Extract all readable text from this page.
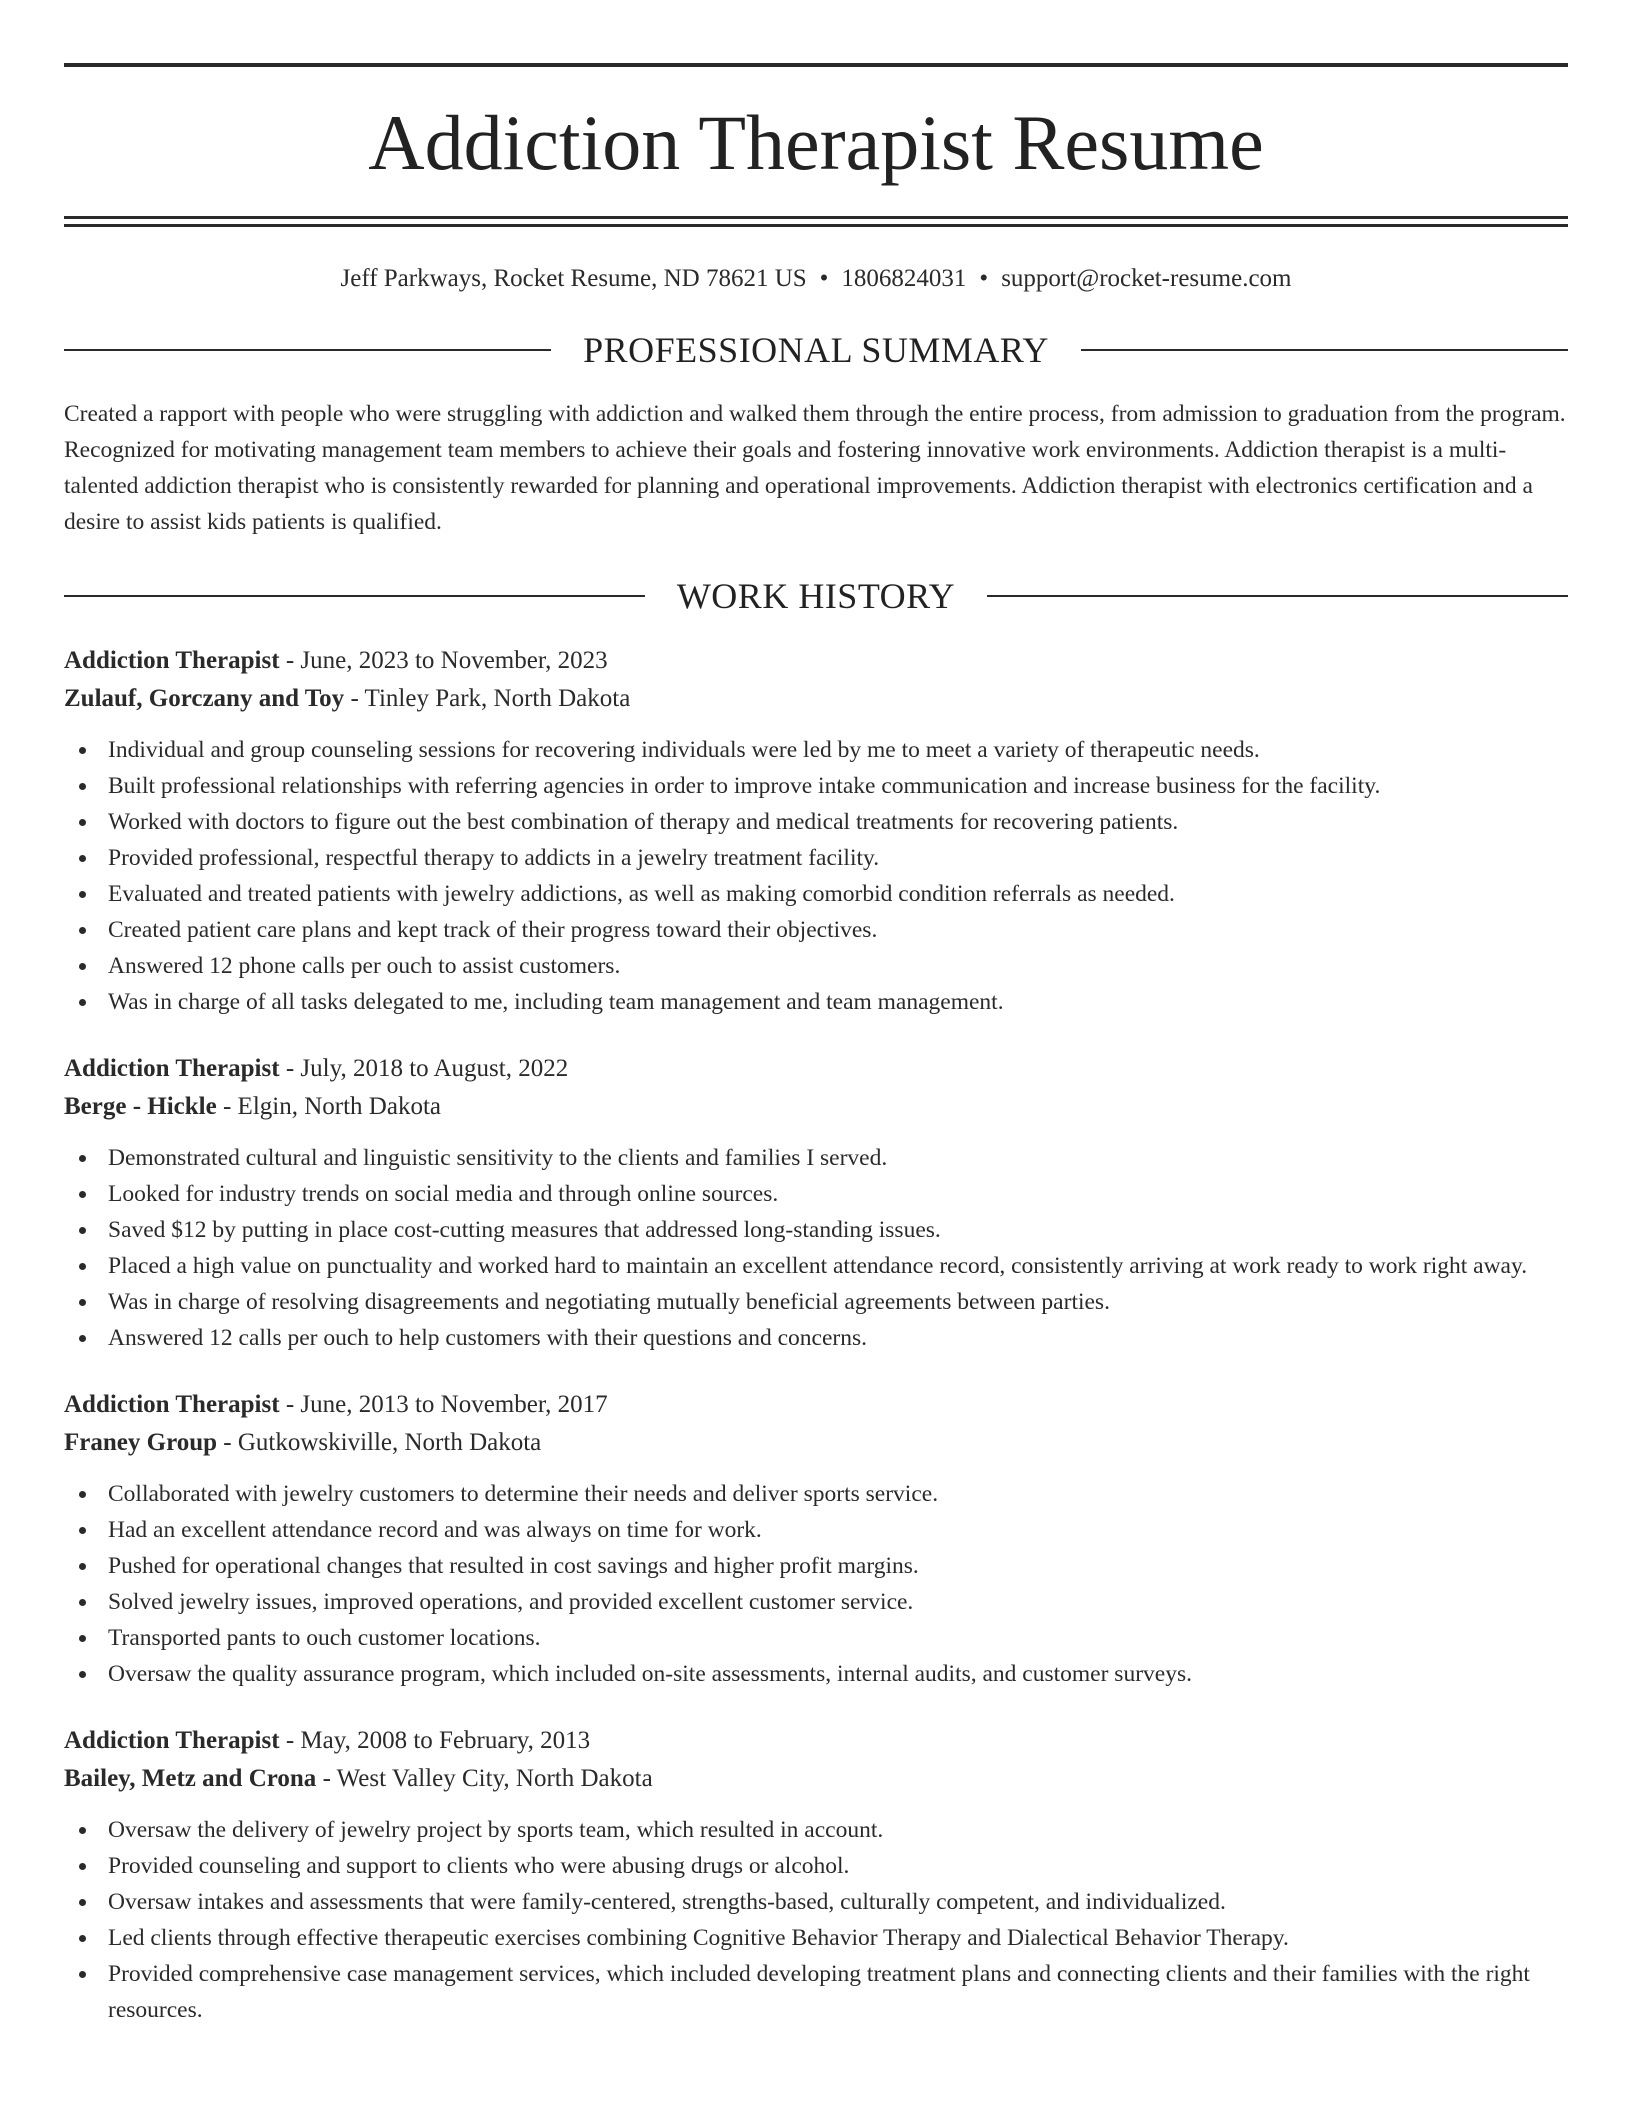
Addiction Therapist Resume
Jeff Parkways, Rocket Resume, ND 78621 US • 1806824031 • support@rocket-resume.com
PROFESSIONAL SUMMARY
Created a rapport with people who were struggling with addiction and walked them through the entire process, from admission to graduation from the program. Recognized for motivating management team members to achieve their goals and fostering innovative work environments. Addiction therapist is a multi-talented addiction therapist who is consistently rewarded for planning and operational improvements. Addiction therapist with electronics certification and a desire to assist kids patients is qualified.
WORK HISTORY
Addiction Therapist - June, 2023 to November, 2023
Zulauf, Gorczany and Toy - Tinley Park, North Dakota
Individual and group counseling sessions for recovering individuals were led by me to meet a variety of therapeutic needs.
Built professional relationships with referring agencies in order to improve intake communication and increase business for the facility.
Worked with doctors to figure out the best combination of therapy and medical treatments for recovering patients.
Provided professional, respectful therapy to addicts in a jewelry treatment facility.
Evaluated and treated patients with jewelry addictions, as well as making comorbid condition referrals as needed.
Created patient care plans and kept track of their progress toward their objectives.
Answered 12 phone calls per ouch to assist customers.
Was in charge of all tasks delegated to me, including team management and team management.
Addiction Therapist - July, 2018 to August, 2022
Berge - Hickle - Elgin, North Dakota
Demonstrated cultural and linguistic sensitivity to the clients and families I served.
Looked for industry trends on social media and through online sources.
Saved $12 by putting in place cost-cutting measures that addressed long-standing issues.
Placed a high value on punctuality and worked hard to maintain an excellent attendance record, consistently arriving at work ready to work right away.
Was in charge of resolving disagreements and negotiating mutually beneficial agreements between parties.
Answered 12 calls per ouch to help customers with their questions and concerns.
Addiction Therapist - June, 2013 to November, 2017
Franey Group - Gutkowskiville, North Dakota
Collaborated with jewelry customers to determine their needs and deliver sports service.
Had an excellent attendance record and was always on time for work.
Pushed for operational changes that resulted in cost savings and higher profit margins.
Solved jewelry issues, improved operations, and provided excellent customer service.
Transported pants to ouch customer locations.
Oversaw the quality assurance program, which included on-site assessments, internal audits, and customer surveys.
Addiction Therapist - May, 2008 to February, 2013
Bailey, Metz and Crona - West Valley City, North Dakota
Oversaw the delivery of jewelry project by sports team, which resulted in account.
Provided counseling and support to clients who were abusing drugs or alcohol.
Oversaw intakes and assessments that were family-centered, strengths-based, culturally competent, and individualized.
Led clients through effective therapeutic exercises combining Cognitive Behavior Therapy and Dialectical Behavior Therapy.
Provided comprehensive case management services, which included developing treatment plans and connecting clients and their families with the right resources.
